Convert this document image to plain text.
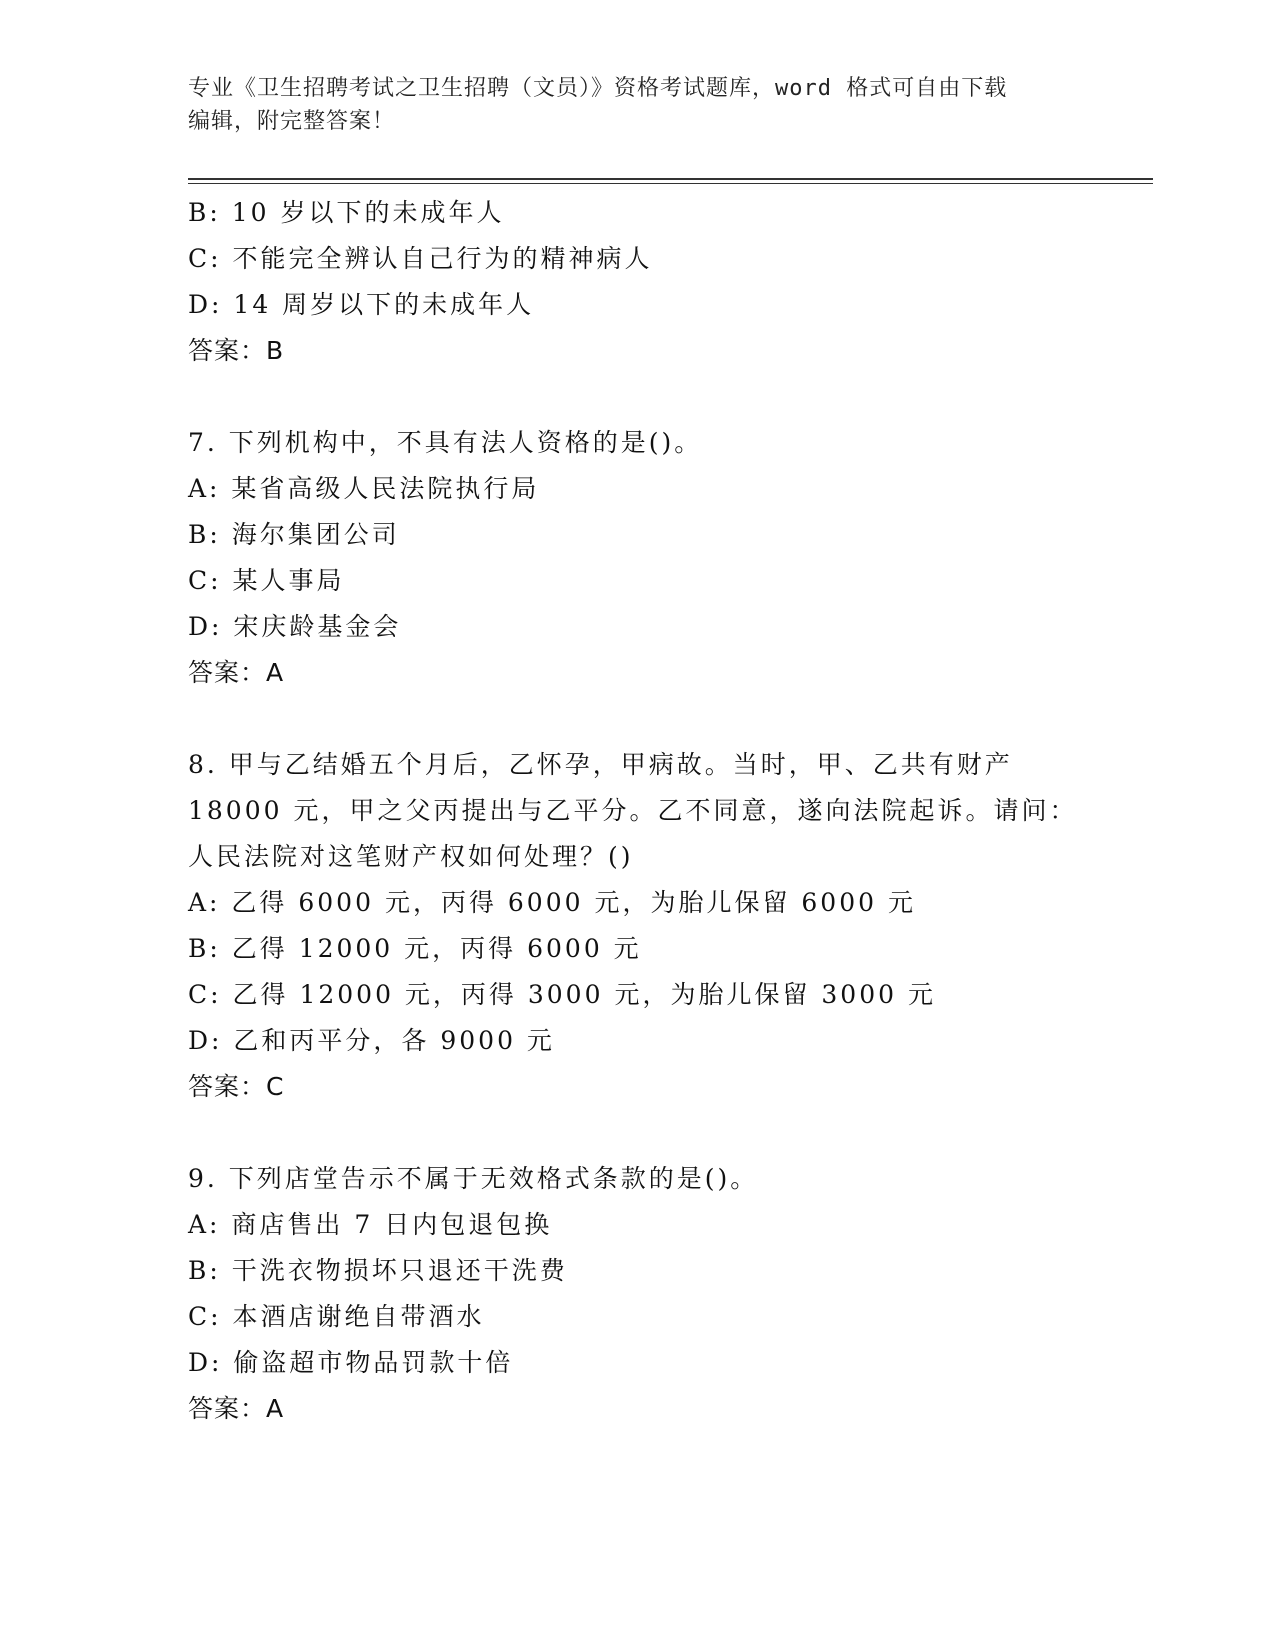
专业《卫生招聘考试之卫生招聘（文员）》资格考试题库，word 格式可自由下载
编辑，附完整答案！
B: 10 岁以下的未成年人
C: 不能完全辨认自己行为的精神病人
D: 14 周岁以下的未成年人
答案：B
7. 下列机构中，不具有法人资格的是()。
A: 某省高级人民法院执行局
B: 海尔集团公司
C: 某人事局
D: 宋庆龄基金会
答案：A
8. 甲与乙结婚五个月后，乙怀孕，甲病故。当时，甲、乙共有财产
18000 元，甲之父丙提出与乙平分。乙不同意，遂向法院起诉。请问：
人民法院对这笔财产权如何处理？()
A: 乙得 6000 元，丙得 6000 元，为胎儿保留 6000 元
B: 乙得 12000 元，丙得 6000 元
C: 乙得 12000 元，丙得 3000 元，为胎儿保留 3000 元
D: 乙和丙平分，各 9000 元
答案：C
9. 下列店堂告示不属于无效格式条款的是()。
A: 商店售出 7 日内包退包换
B: 干洗衣物损坏只退还干洗费
C: 本酒店谢绝自带酒水
D: 偷盗超市物品罚款十倍
答案：A
